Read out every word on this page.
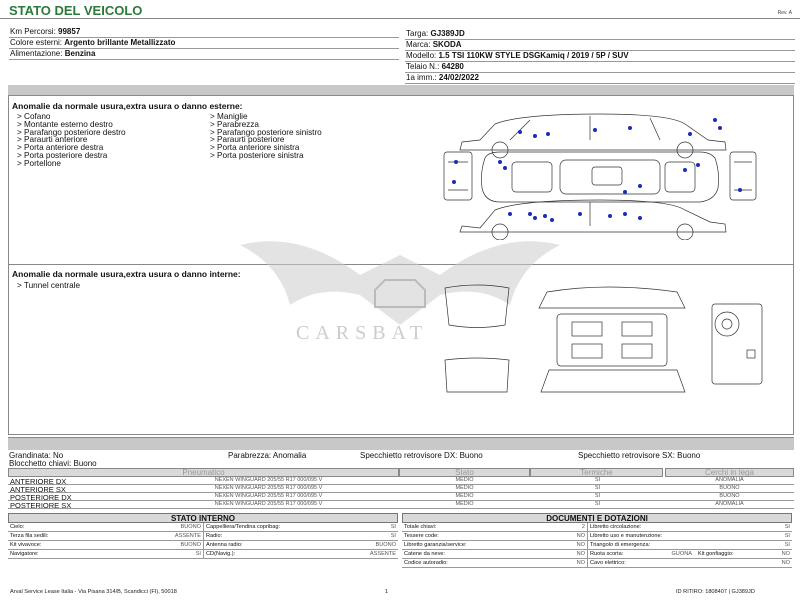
STATO DEL VEICOLO	Rev. A
Km Percorsi: 99857
Colore esterni: Argento brillante Metallizzato
Alimentazione: Benzina
Targa: GJ389JD
Marca: SKODA
Modello: 1.5 TSI 110KW STYLE DSGKamiq / 2019 / 5P / SUV
Telaio N.: 64280
1a imm.: 24/02/2022
Anomalie da normale usura,extra usura o danno esterne:
> Cofano
> Montante esterno destro
> Parafango posteriore destro
> Paraurti anteriore
> Porta anteriore destra
> Porta posteriore destra
> Portellone
> Maniglie
> Parabrezza
> Parafango posteriore sinistro
> Paraurti posteriore
> Porta anteriore sinistra
> Porta posteriore sinistra
CARSBAT
Anomalie da normale usura,extra usura o danno interne:
> Tunnel centrale
Grandinata: No	Parabrezza: Anomalia	Specchietto retrovisore DX: Buono	Specchietto retrovisore SX: Buono
Blocchetto chiavi: Buono
Pneumatico	Stato	Termiche	Cerchi in lega
ANTERIORE DX	NEXEN WINGUARD 205/55 R17 000/095 V	MEDIO	SI	ANOMALIA
ANTERIORE SX	NEXEN WINGUARD 205/55 R17 000/095 V	MEDIO	SI	BUONO
POSTERIORE DX	NEXEN WINGUARD 205/55 R17 000/095 V	MEDIO	SI	BUONO
POSTERIORE SX	NEXEN WINGUARD 205/55 R17 000/095 V	MEDIO	SI	ANOMALIA
STATO INTERNO
Cielo:	BUONO
Terza fila sedili:	ASSENTE
Kit vivavoce:	BUONO
Navigatore:	SI
Cappelliera/Tendina copribag:	SI
Radio:	SI
Antenna radio:	BUONO
CD(Navig.):	ASSENTE
DOCUMENTI E DOTAZIONI
Totale chiavi:	2
Tessere code:	NO
Libretto garanzia/service:	NO
Catene da neve:	NO
Codice autoradio:	NO
Libretto circolazione:	SI
Libretto uso e manutenzione:	SI
Triangolo di emergenza:	SI
Ruota scorta:	GUONA Kit gonfiaggio:	NO
Cavo elettrico:	NO
Arval Service Lease Italia - Via Pisana 314/B, Scandicci (FI), 50018	1	ID RITIRO: 1808407 | GJ389JD
